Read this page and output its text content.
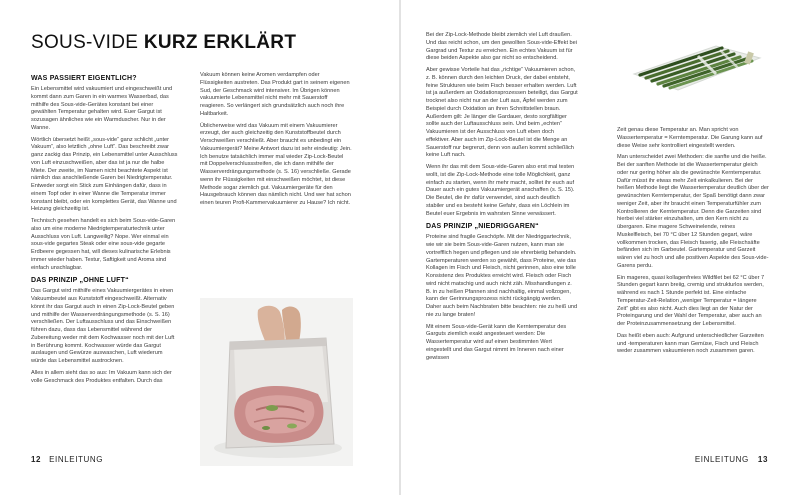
SOUS-VIDE KURZ ERKLÄRT
WAS PASSIERT EIGENTLICH?

Ein Lebensmittel wird vakuumiert und eingeschweißt und kommt dann zum Garen in ein warmes Wasserbad, das mithilfe des Sous-vide-Gerätes konstant bei einer gewählten Temperatur gehalten wird. Euer Gargut ist sozusagen ähnliches wie ein Warmduscher. Nur in der Wanne.

Wörtlich übersetzt heißt „sous-vide“ ganz schlicht „unter Vakuum“, also letztlich „ohne Luft“. Das beschreibt zwar ganz zackig das Prinzip, ein Lebensmittel unter Ausschluss von Luft einzuschweißen, aber das ist ja nur die halbe Miete. Der zweite, im Namen nicht beachtete Aspekt ist nämlich das anschließende Garen bei Niedrigtemperatur. Entweder sorgt ein Stick zum Einhängen dafür, dass in einem Topf oder in einer Wanne die Temperatur immer konstant bleibt, oder ein komplettes Gerät, das Wanne und Heizung gleichzeitig ist.

Technisch gesehen handelt es sich beim Sous-vide-Garen also um eine moderne Niedrigtemperaturtechnik unter Ausschluss von Luft. Langweilig? Nope. Wer einmal ein sous-vide gegartes Steak oder eine sous-vide gegarte Erdbeere gegessen hat, will dieses kulinarische Erlebnis immer wieder haben. Textur, Saftigkeit und Aroma sind einfach unschlagbar.

DAS PRINZIP „OHNE LUFT“

Das Gargut wird mithilfe eines Vakuumiergerätes in einen Vakuumbeutel aus Kunststoff eingeschweißt. Alternativ könnt ihr das Gargut auch in einen Zip-Lock-Beutel geben und mithilfe der Wasserverdrängungsmethode (s. S. 16) verschließen. Der Luftausschluss und das Einschweißen führen dazu, dass das Lebensmittel während der Zubereitung weder mit dem Kochwasser noch mit der Luft in Berührung kommt. Kochwasser würde das Gargut auslaugen und Gewürze auswaschen, Luft wiederum würde das Lebensmittel austrocknen.

Alles in allem sieht das so aus: Im Vakuum kann sich der volle Geschmack des Produktes entfalten. Durch das

Vakuum können keine Aromen verdampfen oder Flüssigkeiten austreten. Das Produkt gart in seinem eigenen Sud, der Geschmack wird intensiver. Im Übrigen können vakuumierte Lebensmittel nicht mehr mit Sauerstoff reagieren. So verlängert sich grundsätzlich auch noch ihre Haltbarkeit.

Üblicherweise wird das Vakuum mit einem Vakuumierer erzeugt, der auch gleichzeitig den Kunststoffbeutel durch Verschweißen verschließt. Aber braucht es unbedingt ein Vakuumiergerät? Meine Antwort dazu ist sehr eindeutig: Jein. Ich benutze tatsächlich immer mal wieder Zip-Lock-Beutel mit Doppelverschlussstreifen, die ich dann mithilfe der Wasserverdrängungsmethode (s. S. 16) verschließe. Gerade wenn ihr Flüssigkeiten mit einschweißen möchtet, ist diese Methode sogar ziemlich gut. Vakuumiergeräte für den Hausgebrauch können das nämlich nicht. Und wer hat schon einen teuren Profi-Kammervakuumierer zu Hause? Ich nicht.

Bei der Zip-Lock-Methode bleibt ziemlich viel Luft draußen. Und das reicht schon, um den gewollten Sous-vide-Effekt bei Gargrad und Textur zu erreichen. Ein echtes Vakuum ist für diese beiden Aspekte also gar nicht so entscheidend.

Aber gewisse Vorteile hat das „richtige“ Vakuumieren schon, z. B. können durch den leichten Druck, der dabei entsteht, feine Strukturen wie beim Fisch besser erhalten werden. Luft ist ja außerdem an Oxidationsprozessen beteiligt, das Gargut trocknet also nicht nur an der Luft aus, Äpfel werden zum Beispiel durch Oxidation an ihren Schnittstellen braun. Außerdem gilt: Je länger die Gardauer, desto sorgfältiger sollte auch der Luftausschluss sein. Und beim „echten“ Vakuumieren ist der Ausschluss von Luft eben doch effektiver. Aber auch im Zip-Lock-Beutel ist die Menge an Sauerstoff nur begrenzt, denn von außen kommt schließlich keine Luft nach.

Wenn ihr das mit dem Sous-vide-Garen also erst mal testen wollt, ist die Zip-Lock-Methode eine tolle Möglichkeit, ganz einfach zu starten, wenn ihr mehr macht, solltet ihr euch auf Dauer auch ein gutes Vakuumiergerät anschaffen (s. S. 15). Die Beutel, die ihr dafür verwendet, sind auch deutlich stabiler und es besteht keine Gefahr, dass ein Löchlein im Beutel euer Ergebnis im wahrsten Sinne verwässert.

DAS PRINZIP „NIEDRIGGAREN“

Proteine sind fragile Geschöpfe. Mit der Niedriggartechnik, wie wir sie beim Sous-vide-Garen nutzen, kann man sie vortrefflich hegen und pflegen und sie ehrerbietig behandeln. Gartemperaturen werden so gewählt, dass Proteine, wie das Kollagen im Fisch und Fleisch, nicht gerinnen, also eine tolle Konsistenz des Produktes erreicht wird. Fleisch oder Fisch wird nicht matschig und auch nicht zäh. Misshandlungen z. B. in zu heißen Pfannen sind nachhaltig, einmal vollzogen, kann der Gerinnungsprozess nicht rückgängig werden. Daher auch beim Nachbraten bitte beachten: nie zu heiß und nie zu lange braten!

Mit einem Sous-vide-Gerät kann die Kerntemperatur des Garguts ziemlich exakt angesteuert werden: Die Wassertemperatur wird auf einen bestimmten Wert eingestellt und das Gargut nimmt im Inneren nach einer gewissen

Zeit genau diese Temperatur an. Man spricht von Wassertemperatur = Kerntemperatur. Die Garung kann auf diese Weise sehr kontrolliert eingestellt werden.

Man unterscheidet zwei Methoden: die sanfte und die heiße. Bei der sanften Methode ist die Wassertemperatur gleich oder nur gering höher als die gewünschte Kerntemperatur. Dafür müsst ihr etwas mehr Zeit einkalkulieren. Bei der heißen Methode liegt die Wassertemperatur deutlich über der gewünschten Kerntemperatur, der Spaß benötigt dann zwar weniger Zeit, aber ihr braucht einen Temperaturfühler zum Kontrollieren der Kerntemperatur. Denn die Garzeiten sind hierbei viel stärker einzuhalten, um den Kern nicht zu übergaren. Eine magere Schweinelende, reines Muskelfleisch, bei 70 °C über 12 Stunden gegart, wäre vollkommen trocken, das Fleisch faserig, alle Fleischsäfte befänden sich im Garbeutel. Gartemperatur und Garzeit wären viel zu hoch und alle positiven Aspekte des Sous-vide-Garens perdu.

Ein mageres, quasi kollagenfreies Wildfilet bei 62 °C über 7 Stunden gegart kann breiig, cremig und strukturlos werden, während es nach 1 Stunde perfekt ist. Eine einfache Temperatur-Zeit-Relation „weniger Temperatur = längere Zeit“ gibt es also nicht. Auch dies liegt an der Natur der Proteingarung und der Wahl der Temperatur, aber auch an der Proteinzusammensetzung der Lebensmittel.

Das heißt eben auch: Aufgrund unterschiedlicher Garzeiten und -temperaturen kann man Gemüse, Fisch und Fleisch weder zusammen vakuumieren noch zusammen garen.

12 EINLEITUNG	EINLEITUNG 13
